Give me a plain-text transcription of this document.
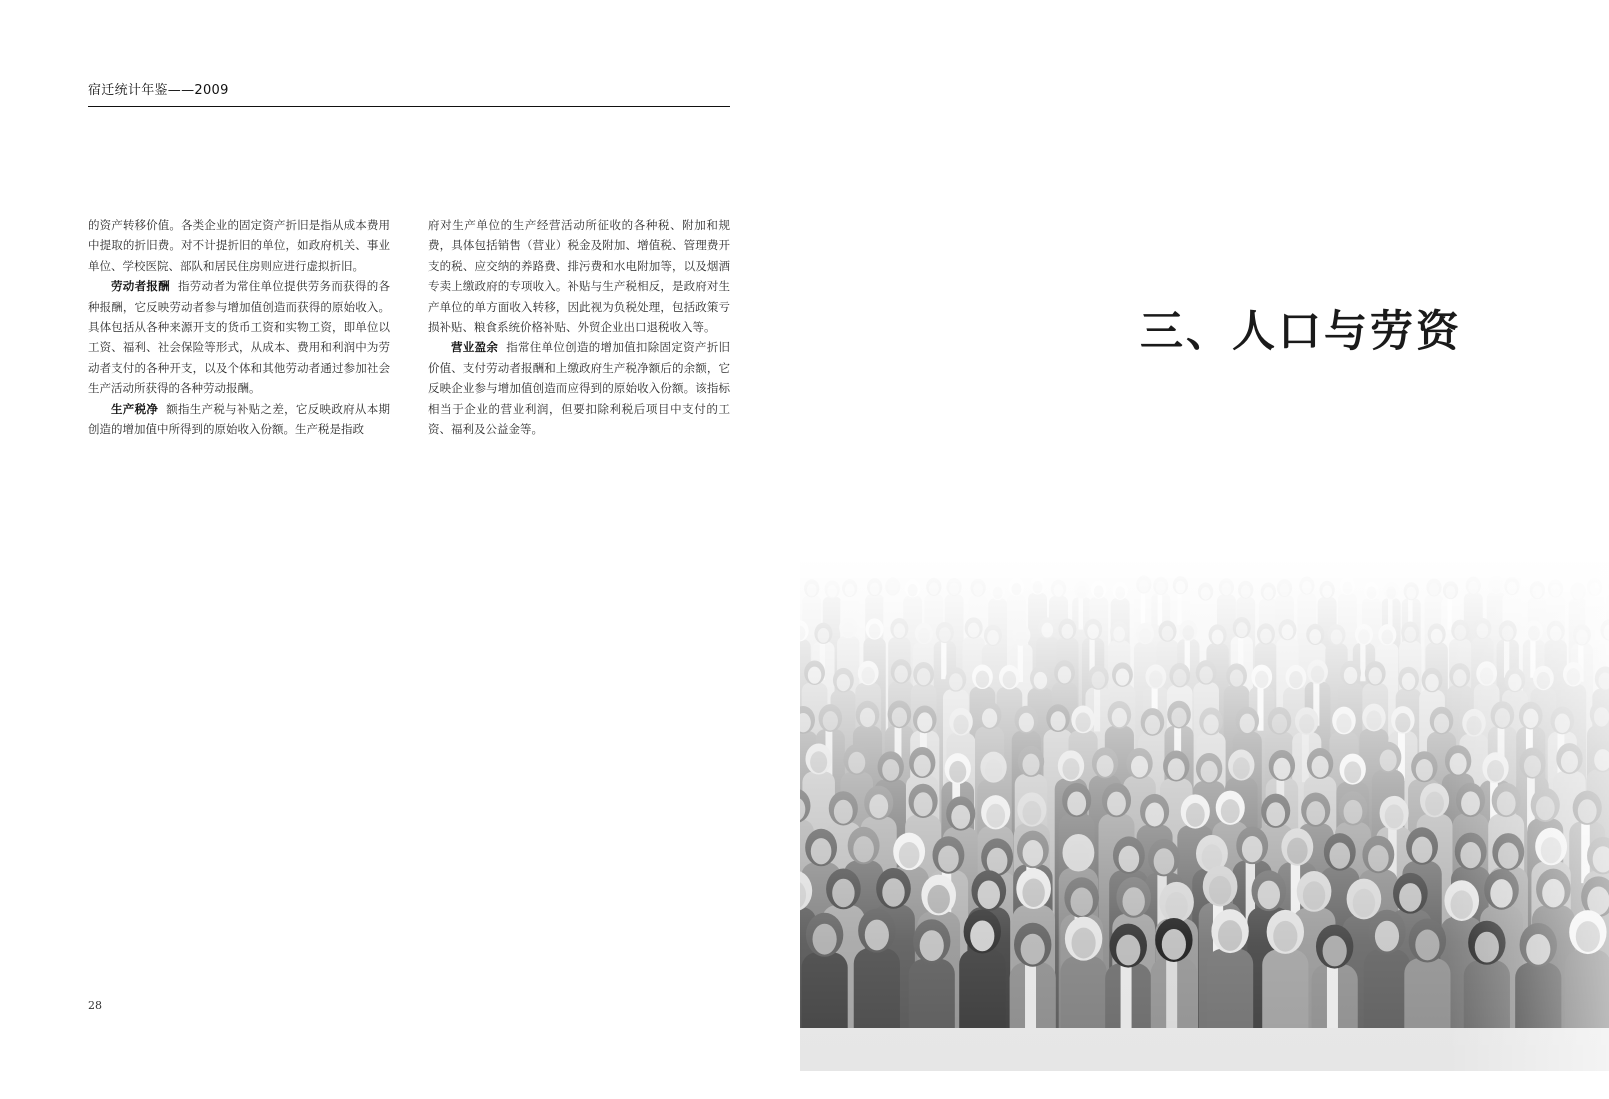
宿迁统计年鉴——2009

的资产转移价值。各类企业的固定资产折旧是指从成本费用中提取的折旧费。对不计提折旧的单位，如政府机关、事业单位、学校医院、部队和居民住房则应进行虚拟折旧。

劳动者报酬 指劳动者为常住单位提供劳务而获得的各种报酬，它反映劳动者参与增加值创造而获得的原始收入。具体包括从各种来源开支的货币工资和实物工资，即单位以工资、福利、社会保险等形式，从成本、费用和利润中为劳动者支付的各种开支，以及个体和其他劳动者通过参加社会生产活动所获得的各种劳动报酬。

生产税净 额指生产税与补贴之差，它反映政府从本期创造的增加值中所得到的原始收入份额。生产税是指政

府对生产单位的生产经营活动所征收的各种税、附加和规费，具体包括销售（营业）税金及附加、增值税、管理费开支的税、应交纳的养路费、排污费和水电附加等，以及烟酒专卖上缴政府的专项收入。补贴与生产税相反，是政府对生产单位的单方面收入转移，因此视为负税处理，包括政策亏损补贴、粮食系统价格补贴、外贸企业出口退税收入等。

营业盈余 指常住单位创造的增加值扣除固定资产折旧价值、支付劳动者报酬和上缴政府生产税净额后的余额，它反映企业参与增加值创造而应得到的原始收入份额。该指标相当于企业的营业利润，但要扣除利税后项目中支付的工资、福利及公益金等。

28
三、人口与劳资
